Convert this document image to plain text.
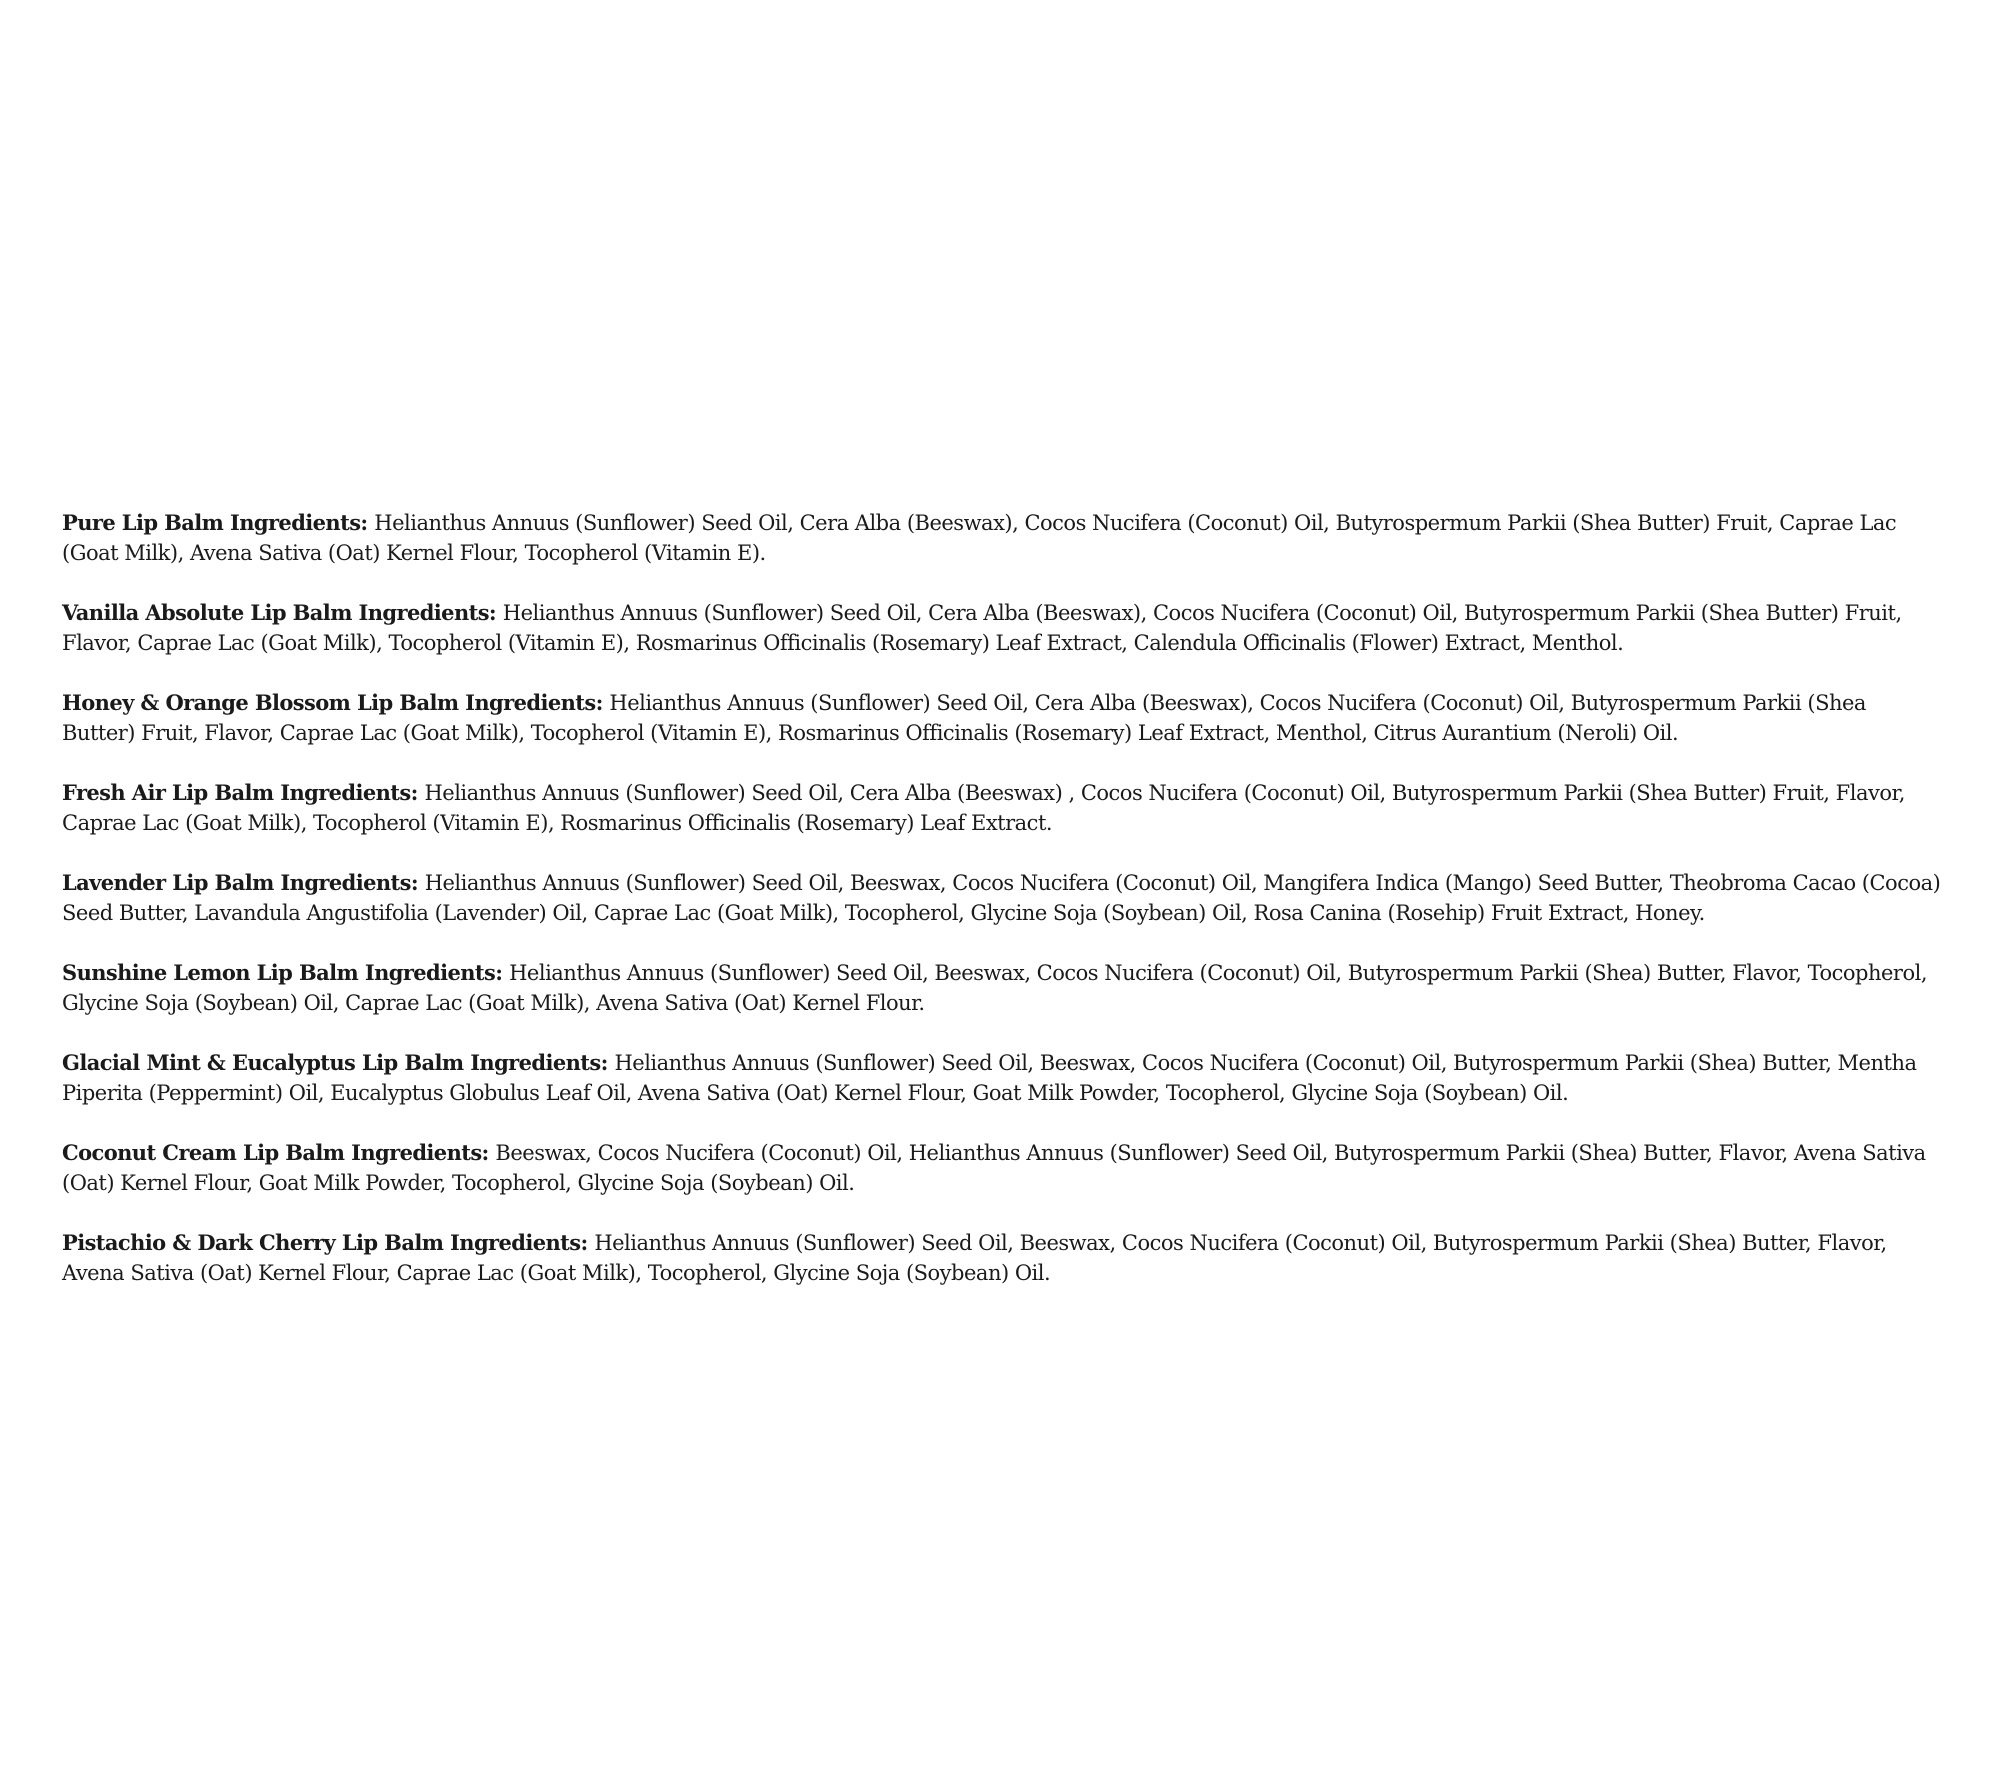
Pure Lip Balm Ingredients: Helianthus Annuus (Sunflower) Seed Oil, Cera Alba (Beeswax), Cocos Nucifera (Coconut) Oil, Butyrospermum Parkii (Shea Butter) Fruit, Caprae Lac (Goat Milk), Avena Sativa (Oat) Kernel Flour, Tocopherol (Vitamin E).

Vanilla Absolute Lip Balm Ingredients: Helianthus Annuus (Sunflower) Seed Oil, Cera Alba (Beeswax), Cocos Nucifera (Coconut) Oil, Butyrospermum Parkii (Shea Butter) Fruit, Flavor, Caprae Lac (Goat Milk), Tocopherol (Vitamin E), Rosmarinus Officinalis (Rosemary) Leaf Extract, Calendula Officinalis (Flower) Extract, Menthol.

Honey & Orange Blossom Lip Balm Ingredients: Helianthus Annuus (Sunflower) Seed Oil, Cera Alba (Beeswax), Cocos Nucifera (Coconut) Oil, Butyrospermum Parkii (Shea Butter) Fruit, Flavor, Caprae Lac (Goat Milk), Tocopherol (Vitamin E), Rosmarinus Officinalis (Rosemary) Leaf Extract, Menthol, Citrus Aurantium (Neroli) Oil.

Fresh Air Lip Balm Ingredients: Helianthus Annuus (Sunflower) Seed Oil, Cera Alba (Beeswax) , Cocos Nucifera (Coconut) Oil, Butyrospermum Parkii (Shea Butter) Fruit, Flavor, Caprae Lac (Goat Milk), Tocopherol (Vitamin E), Rosmarinus Officinalis (Rosemary) Leaf Extract.

Lavender Lip Balm Ingredients: Helianthus Annuus (Sunflower) Seed Oil, Beeswax, Cocos Nucifera (Coconut) Oil, Mangifera Indica (Mango) Seed Butter, Theobroma Cacao (Cocoa) Seed Butter, Lavandula Angustifolia (Lavender) Oil, Caprae Lac (Goat Milk), Tocopherol, Glycine Soja (Soybean) Oil, Rosa Canina (Rosehip) Fruit Extract, Honey.

Sunshine Lemon Lip Balm Ingredients: Helianthus Annuus (Sunflower) Seed Oil, Beeswax, Cocos Nucifera (Coconut) Oil, Butyrospermum Parkii (Shea) Butter, Flavor, Tocopherol, Glycine Soja (Soybean) Oil, Caprae Lac (Goat Milk), Avena Sativa (Oat) Kernel Flour.

Glacial Mint & Eucalyptus Lip Balm Ingredients: Helianthus Annuus (Sunflower) Seed Oil, Beeswax, Cocos Nucifera (Coconut) Oil, Butyrospermum Parkii (Shea) Butter, Mentha Piperita (Peppermint) Oil, Eucalyptus Globulus Leaf Oil, Avena Sativa (Oat) Kernel Flour, Goat Milk Powder, Tocopherol, Glycine Soja (Soybean) Oil.

Coconut Cream Lip Balm Ingredients: Beeswax, Cocos Nucifera (Coconut) Oil, Helianthus Annuus (Sunflower) Seed Oil, Butyrospermum Parkii (Shea) Butter, Flavor, Avena Sativa (Oat) Kernel Flour, Goat Milk Powder, Tocopherol, Glycine Soja (Soybean) Oil.

Pistachio & Dark Cherry Lip Balm Ingredients: Helianthus Annuus (Sunflower) Seed Oil, Beeswax, Cocos Nucifera (Coconut) Oil, Butyrospermum Parkii (Shea) Butter, Flavor, Avena Sativa (Oat) Kernel Flour, Caprae Lac (Goat Milk), Tocopherol, Glycine Soja (Soybean) Oil.
